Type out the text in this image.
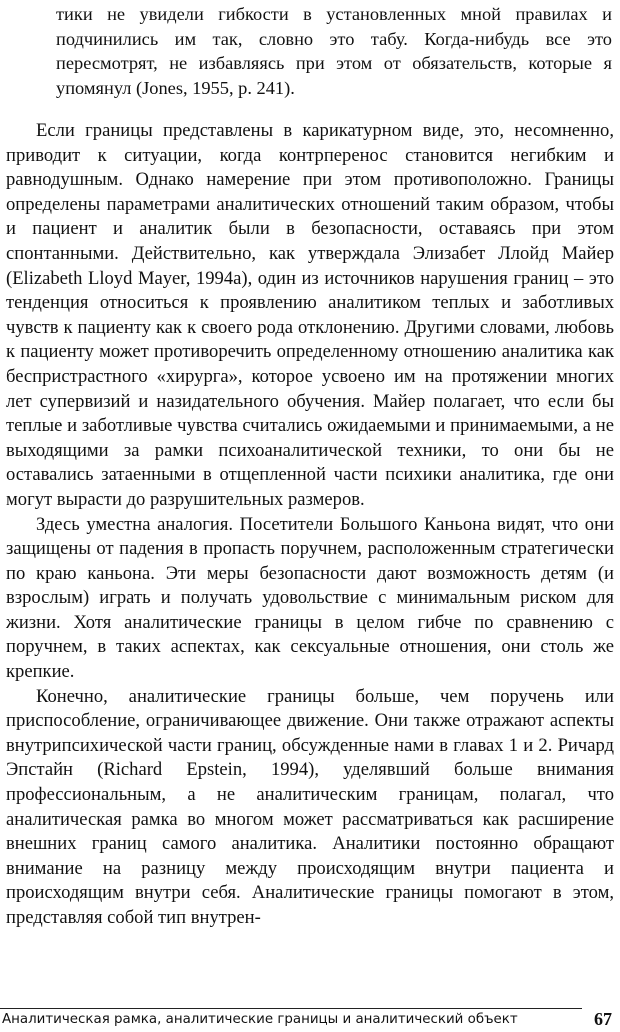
тики не увидели гибкости в установленных мной правилах и подчинились им так, словно это табу. Когда-нибудь все это пересмотрят, не избавляясь при этом от обязательств, которые я упомянул (Jones, 1955, р. 241).

Если границы представлены в карикатурном виде, это, несомненно, приводит к ситуации, когда контрперенос становится негибким и равнодушным. Однако намерение при этом противоположно. Границы определены параметрами аналитических отношений таким образом, чтобы и пациент и аналитик были в безопасности, оставаясь при этом спонтанными. Действительно, как утверждала Элизабет Ллойд Майер (Elizabeth Lloyd Mayer, 1994a), один из источников нарушения границ – это тенденция относиться к проявлению аналитиком теплых и заботливых чувств к пациенту как к своего рода отклонению. Другими словами, любовь к пациенту может противоречить определенному отношению аналитика как беспристрастного «хирурга», которое усвоено им на протяжении многих лет супервизий и назидательного обучения. Майер полагает, что если бы теплые и заботливые чувства считались ожидаемыми и принимаемыми, а не выходящими за рамки психоаналитической техники, то они бы не оставались затаенными в отщепленной части психики аналитика, где они могут вырасти до разрушительных размеров.

Здесь уместна аналогия. Посетители Большого Каньона видят, что они защищены от падения в пропасть поручнем, расположенным стратегически по краю каньона. Эти меры безопасности дают возможность детям (и взрослым) играть и получать удовольствие с минимальным риском для жизни. Хотя аналитические границы в целом гибче по сравнению с поручнем, в таких аспектах, как сексуальные отношения, они столь же крепкие.

Конечно, аналитические границы больше, чем поручень или приспособление, ограничивающее движение. Они также отражают аспекты внутрипсихической части границ, обсужденные нами в главах 1 и 2. Ричард Эпстайн (Richard Epstein, 1994), уделявший больше внимания профессиональным, а не аналитическим границам, полагал, что аналитическая рамка во многом может рассматриваться как расширение внешних границ самого аналитика. Аналитики постоянно обращают внимание на разницу между происходящим внутри пациента и происходящим внутри себя. Аналитические границы помогают в этом, представляя собой тип внутрен-

Аналитическая рамка, аналитические границы и аналитический объект	67
